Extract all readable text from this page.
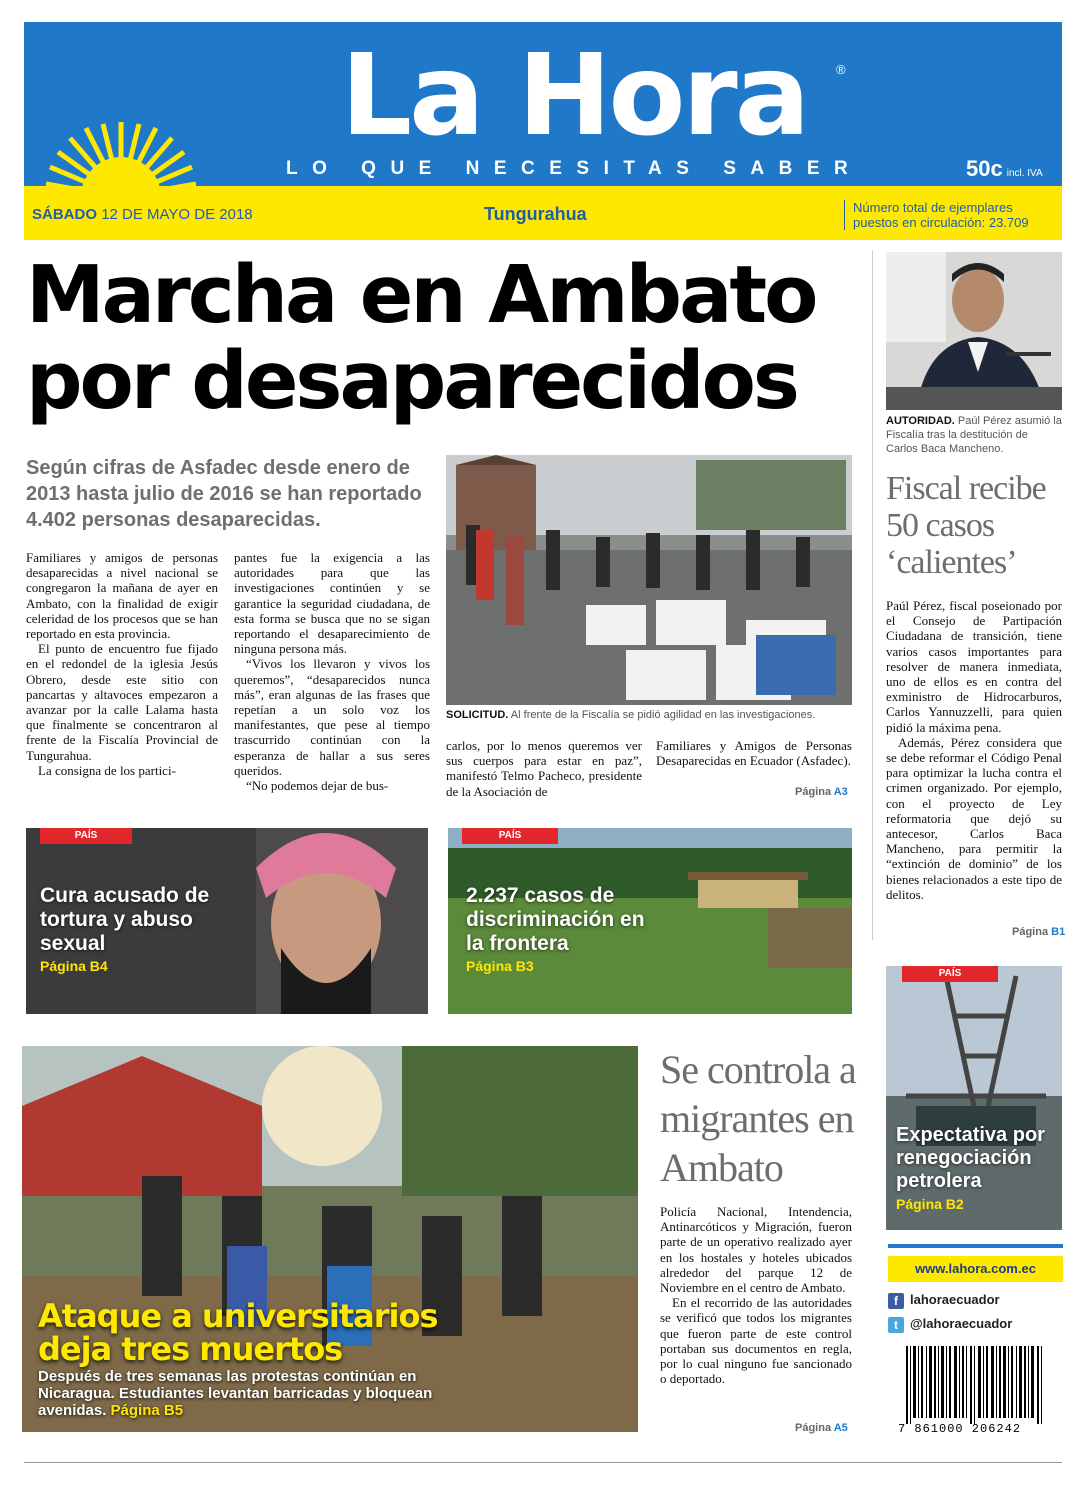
La Hora	®
LO QUE NECESITAS SABER	50c incl. IVA
SÁBADO 12 DE MAYO DE 2018	Tungurahua	Número total de ejemplares
puestos en circulación: 23.709
Marcha en Ambato
por desaparecidos
Según cifras de Asfadec desde enero de 2013 hasta julio de 2016 se han reportado 4.402 personas desaparecidas.

Familiares y amigos de personas desaparecidas a nivel nacional se congregaron la mañana de ayer en Ambato, con la finalidad de exigir celeridad de los procesos que se han reportado en esta provincia.

El punto de encuentro fue fijado en el redondel de la iglesia Jesús Obrero, desde este sitio con pancartas y altavoces empezaron a avanzar por la calle Lalama hasta que finalmente se concentraron al frente de la Fiscalía Provincial de Tungurahua.

La consigna de los partici-

pantes fue la exigencia a las autoridades para que las investigaciones continúen y se garantice la seguridad ciudadana, de esta forma se busca que no se sigan reportando el desaparecimiento de ninguna persona más.

“Vivos los llevaron y vivos los queremos”, “desaparecidos nunca más”, eran algunas de las frases que repetían a un solo voz los manifestantes, que pese al tiempo trascurrido continúan con la esperanza de hallar a sus seres queridos.

“No podemos dejar de bus-

carlos, por lo menos queremos ver sus cuerpos para estar en paz”, manifestó Telmo Pacheco, presidente de la Asociación de

Familiares y Amigos de Personas Desaparecidas en Ecuador (Asfadec).

SOLICITUD. Al frente de la Fiscalía se pidió agilidad en las investigaciones.
Página A3
AUTORIDAD. Paúl Pérez asumió la Fiscalía tras la destitución de Carlos Baca Mancheno.
Fiscal recibe 50 casos ‘calientes’

Paúl Pérez, fiscal poseionado por el Consejo de Partipación Ciudadana de transición, tiene varios casos importantes para resolver de manera inmediata, uno de ellos es en contra del exministro de Hidrocarburos, Carlos Yannuzzelli, para quien pidió la máxima pena.

Además, Pérez considera que se debe reformar el Código Penal para optimizar la lucha contra el crimen organizado. Por ejemplo, con el proyecto de Ley reformatoria que dejó su antecesor, Carlos Baca Mancheno, para permitir la “extinción de dominio” de los bienes relacionados a este tipo de delitos.

Página B1
PAÍS
Cura acusado de tortura y abuso sexual
Página B4
PAÍS
2.237 casos de discriminación en la frontera
Página B3
Ataque a universitarios deja tres muertos
Después de tres semanas las protestas continúan en Nicaragua. Estudiantes levantan barricadas y bloquean avenidas. Página B5
Se controla a migrantes en Ambato

Policía Nacional, Intendencia, Antinarcóticos y Migración, fueron parte de un operativo realizado ayer en los hostales y hoteles ubicados alrededor del parque 12 de Noviembre en el centro de Ambato.

En el recorrido de las autoridades se verificó que todos los migrantes que fueron parte de este control portaban sus documentos en regla, por lo cual ninguno fue sancionado o deportado.

Página A5
PAÍS
Expectativa por renegociación petrolera
Página B2
www.lahora.com.ec
f lahoraecuador
t @lahoraecuador
7 861000 206242
